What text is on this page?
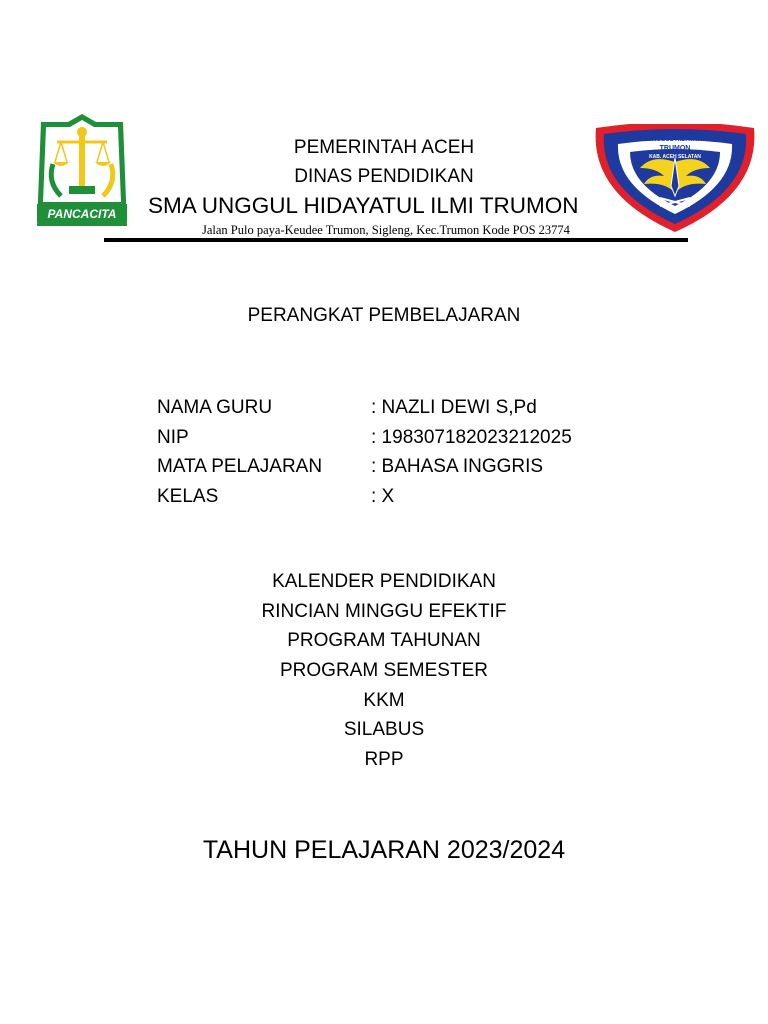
PANCACITA
SMAN UNGGUL HIDAYATUL ILMI
TRUMON
KAB. ACEH SELATAN
PEMERINTAH ACEH
DINAS PENDIDIKAN
SMA UNGGUL HIDAYATUL ILMI TRUMON
Jalan Pulo paya-Keudee Trumon, Sigleng, Kec.Trumon Kode POS 23774
PERANGKAT PEMBELAJARAN
NAMA GURU	: NAZLI DEWI S,Pd
NIP	: 198307182023212025
MATA PELAJARAN	: BAHASA INGGRIS
KELAS	: X
KALENDER PENDIDIKAN
RINCIAN MINGGU EFEKTIF
PROGRAM TAHUNAN
PROGRAM SEMESTER
KKM
SILABUS
RPP
TAHUN PELAJARAN 2023/2024
